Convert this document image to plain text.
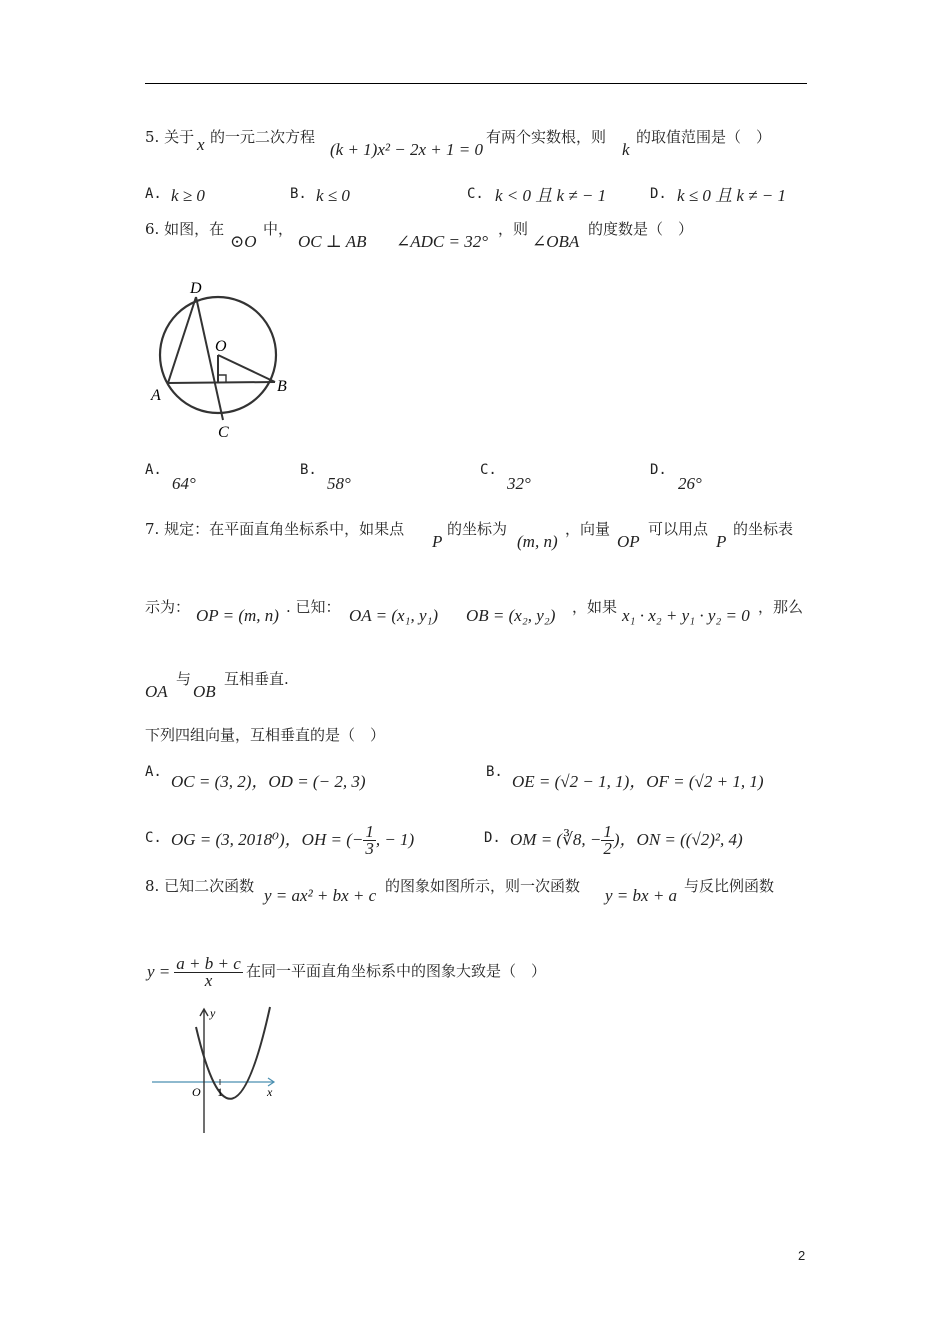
5. 关于 x 的一元二次方程
(k + 1)x² − 2x + 1 = 0
有两个实数根，则
k
的取值范围是（　）
A. k ≥ 0	B. k ≤ 0	C. k < 0 且 k ≠ − 1	D. k ≤ 0 且 k ≠ − 1
6. 如图，在
⊙O
中，
OC ⊥ AB ∠ADC = 32°
，则
∠OBA
的度数是（　）
D
O
A
B
C
A.
64°
B.
58°
C.
32°
D.
26°
7. 规定：在平面直角坐标系中，如果点
P
的坐标为
(m, n)
，向量
OP
可以用点
P
的坐标表
示为： OP = (m, n) . 已知： OA = (x₁, y₁) OB = (x₂, y₂) ，如果 x₁ · x₂ + y₁ · y₂ = 0 ，那么
OA
与
OB
互相垂直.
下列四组向量，互相垂直的是（　）
A. OC = (3, 2)，OD = (− 2, 3)	B. OE = (√2 − 1, 1)，OF = (√2 + 1, 1)
C. OG = (3, 2018⁰)，OH = (− $\frac{1}{3}$ , − 1)	D. OM = (∛8, − $\frac{1}{2}$ )，ON = ((√2)², 4)
8. 已知二次函数 y = ax² + bx + c 的图象如图所示，则一次函数 y = bx + a 与反比例函数
$y = \frac{a + b + c}{x}$ 在同一平面直角坐标系中的图象大致是（　）
y
x
O 1
2
